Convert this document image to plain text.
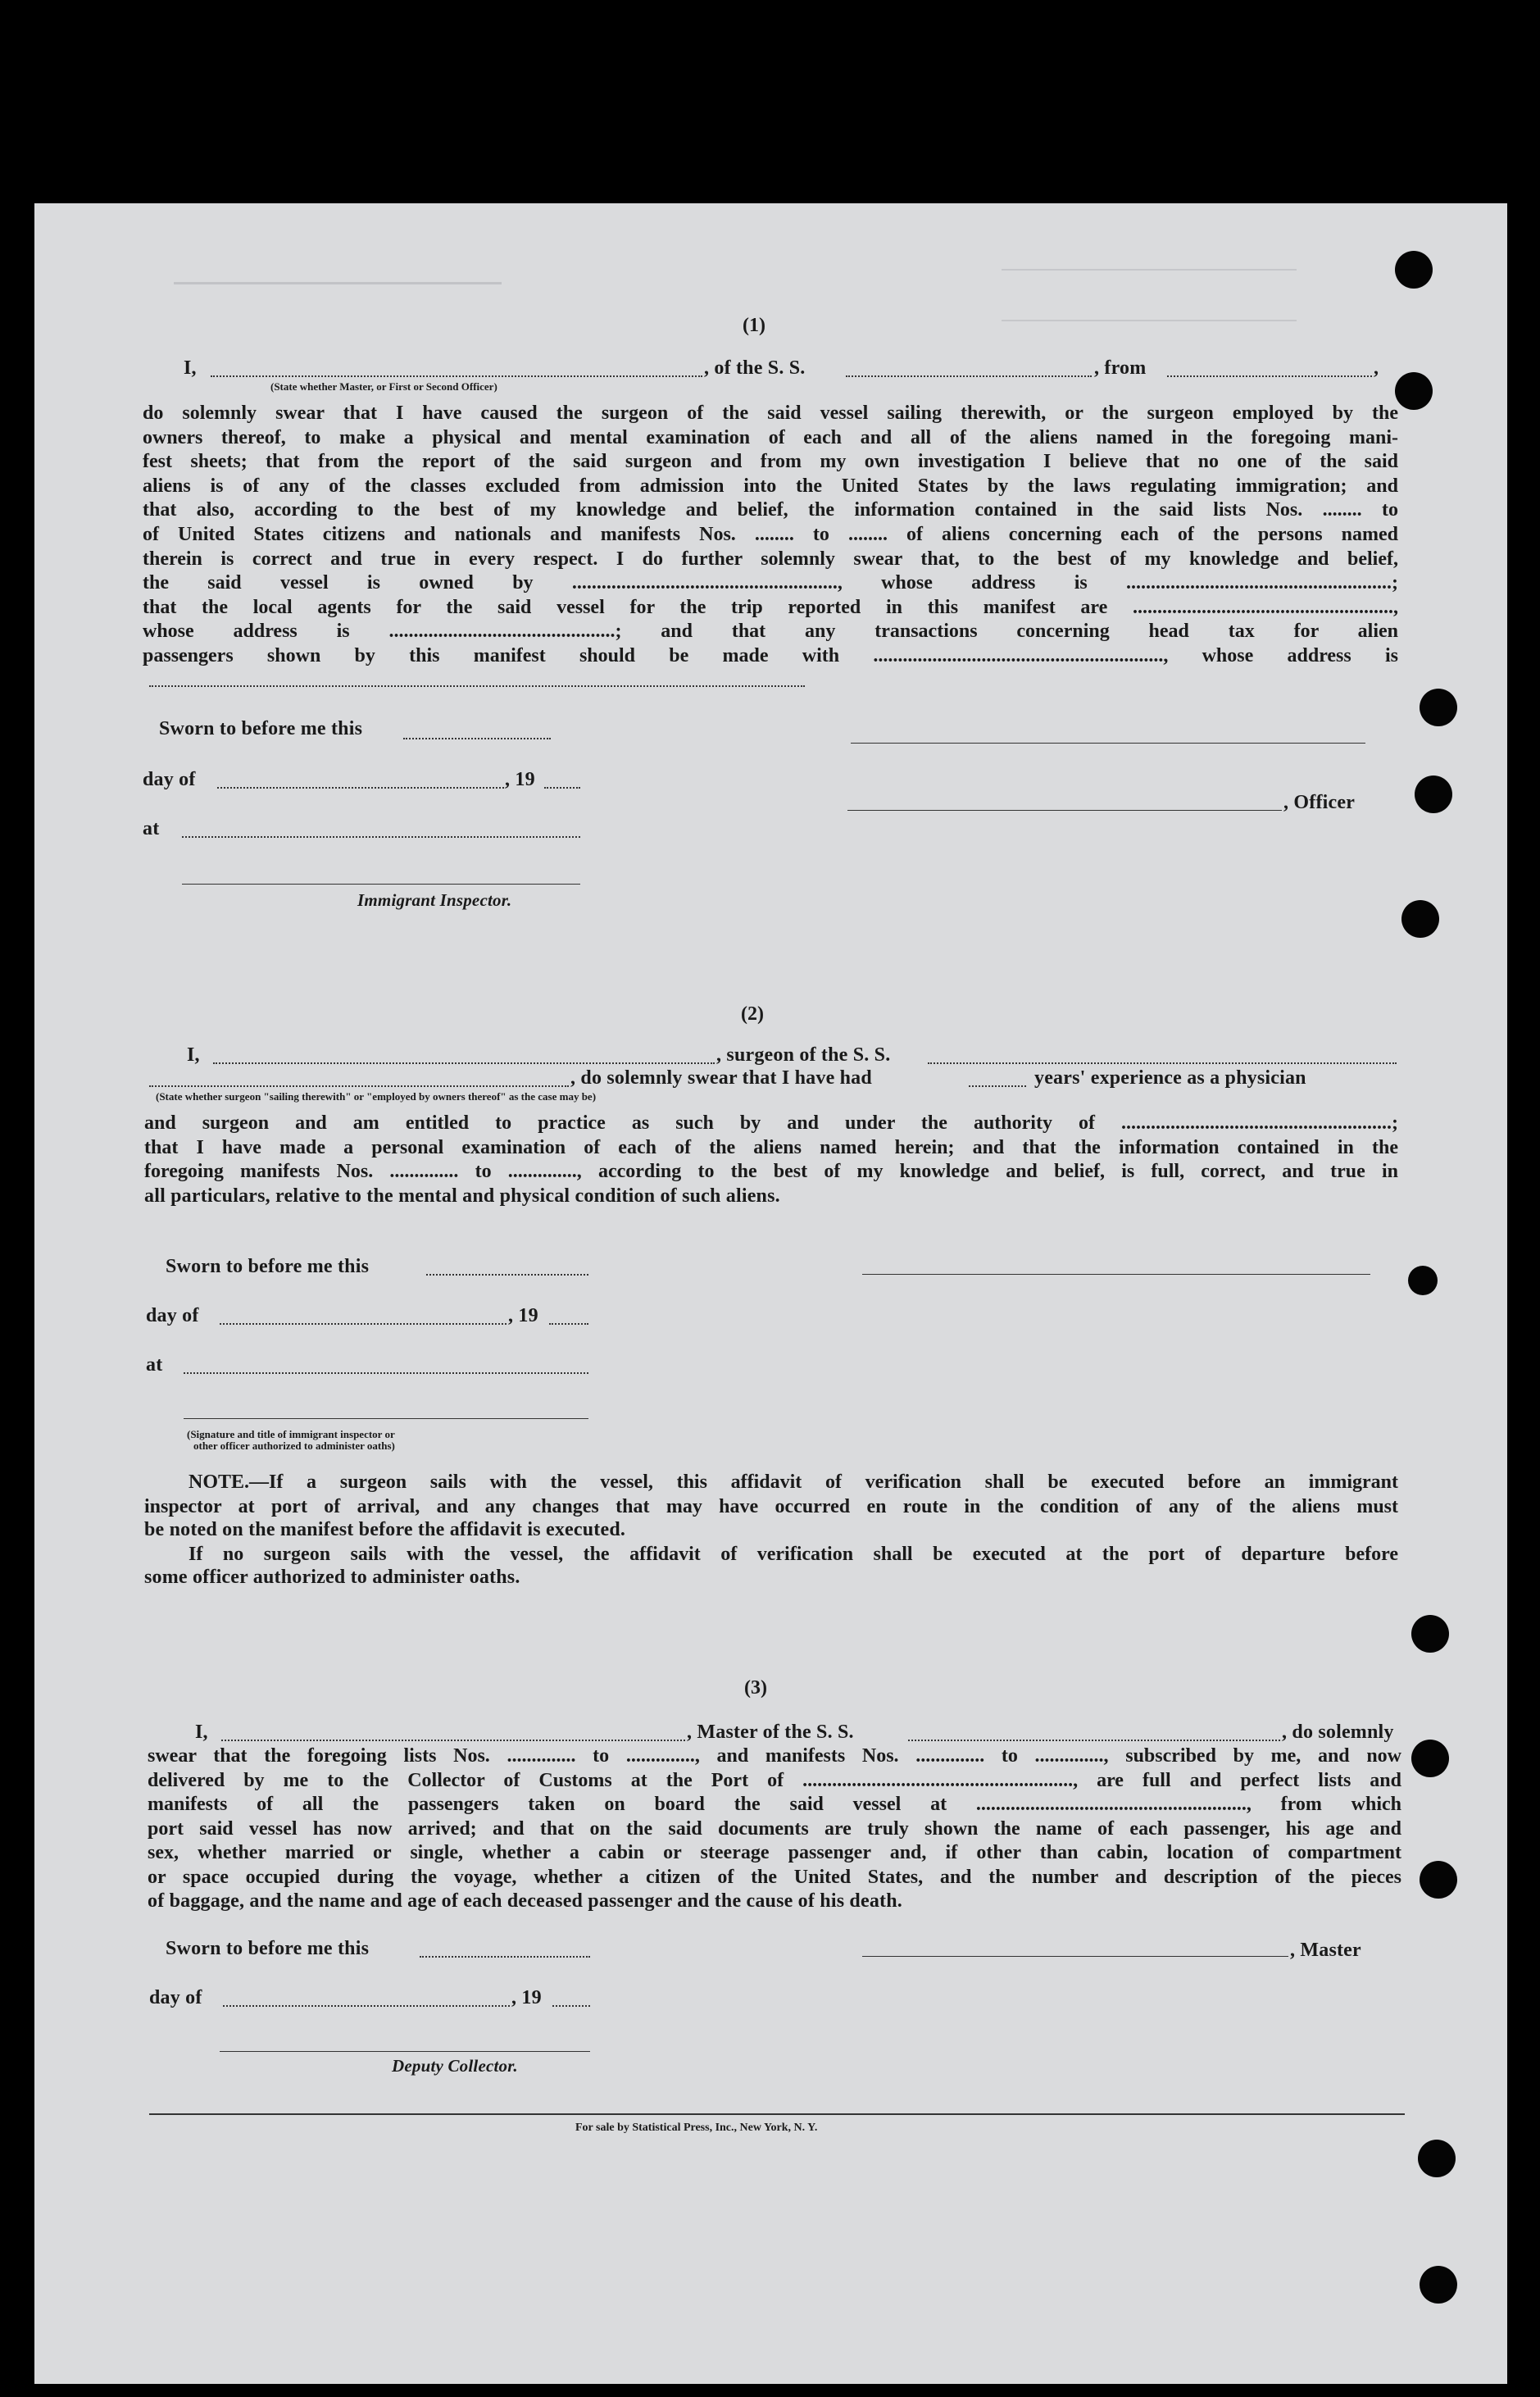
(1)
I,	, of the S. S.	, from	,
(State whether Master, or First or Second Officer)
do solemnly swear that I have caused the surgeon of the said vessel sailing therewith, or the surgeon employed by the
owners thereof, to make a physical and mental examination of each and all of the aliens named in the foregoing mani-
fest sheets; that from the report of the said surgeon and from my own investigation I believe that no one of the said
aliens is of any of the classes excluded from admission into the United States by the laws regulating immigration; and
that also, according to the best of my knowledge and belief, the information contained in the said lists Nos. ........ to
of United States citizens and nationals and manifests Nos. ........ to ........ of aliens concerning each of the persons named
therein is correct and true in every respect. I do further solemnly swear that, to the best of my knowledge and belief,
the said vessel is owned by ......................................................, whose address is ......................................................;
that the local agents for the said vessel for the trip reported in this manifest are .....................................................,
whose address is ..............................................; and that any transactions concerning head tax for alien
passengers shown by this manifest should be made with ..........................................................., whose address is
Sworn to before me this
day of	, 19
, Officer
at
Immigrant Inspector.
(2)
I,	, surgeon of the S. S.
, do solemnly swear that I have had	years' experience as a physician
(State whether surgeon "sailing therewith" or "employed by owners thereof" as the case may be)
and surgeon and am entitled to practice as such by and under the authority of .......................................................;
that I have made a personal examination of each of the aliens named herein; and that the information contained in the
foregoing manifests Nos. .............. to .............., according to the best of my knowledge and belief, is full, correct, and true in
all particulars, relative to the mental and physical condition of such aliens.
Sworn to before me this
day of	, 19
at
(Signature and title of immigrant inspector or
other officer authorized to administer oaths)
NOTE.—If a surgeon sails with the vessel, this affidavit of verification shall be executed before an immigrant
inspector at port of arrival, and any changes that may have occurred en route in the condition of any of the aliens must
be noted on the manifest before the affidavit is executed.
If no surgeon sails with the vessel, the affidavit of verification shall be executed at the port of departure before
some officer authorized to administer oaths.
(3)
I,	, Master of the S. S.	, do solemnly
swear that the foregoing lists Nos. .............. to .............., and manifests Nos. .............. to .............., subscribed by me, and now
delivered by me to the Collector of Customs at the Port of ......................................................., are full and perfect lists and
manifests of all the passengers taken on board the said vessel at ......................................................., from which
port said vessel has now arrived; and that on the said documents are truly shown the name of each passenger, his age and
sex, whether married or single, whether a cabin or steerage passenger and, if other than cabin, location of compartment
or space occupied during the voyage, whether a citizen of the United States, and the number and description of the pieces
of baggage, and the name and age of each deceased passenger and the cause of his death.
Sworn to before me this	, Master
day of	, 19
Deputy Collector.
For sale by Statistical Press, Inc., New York, N. Y.
